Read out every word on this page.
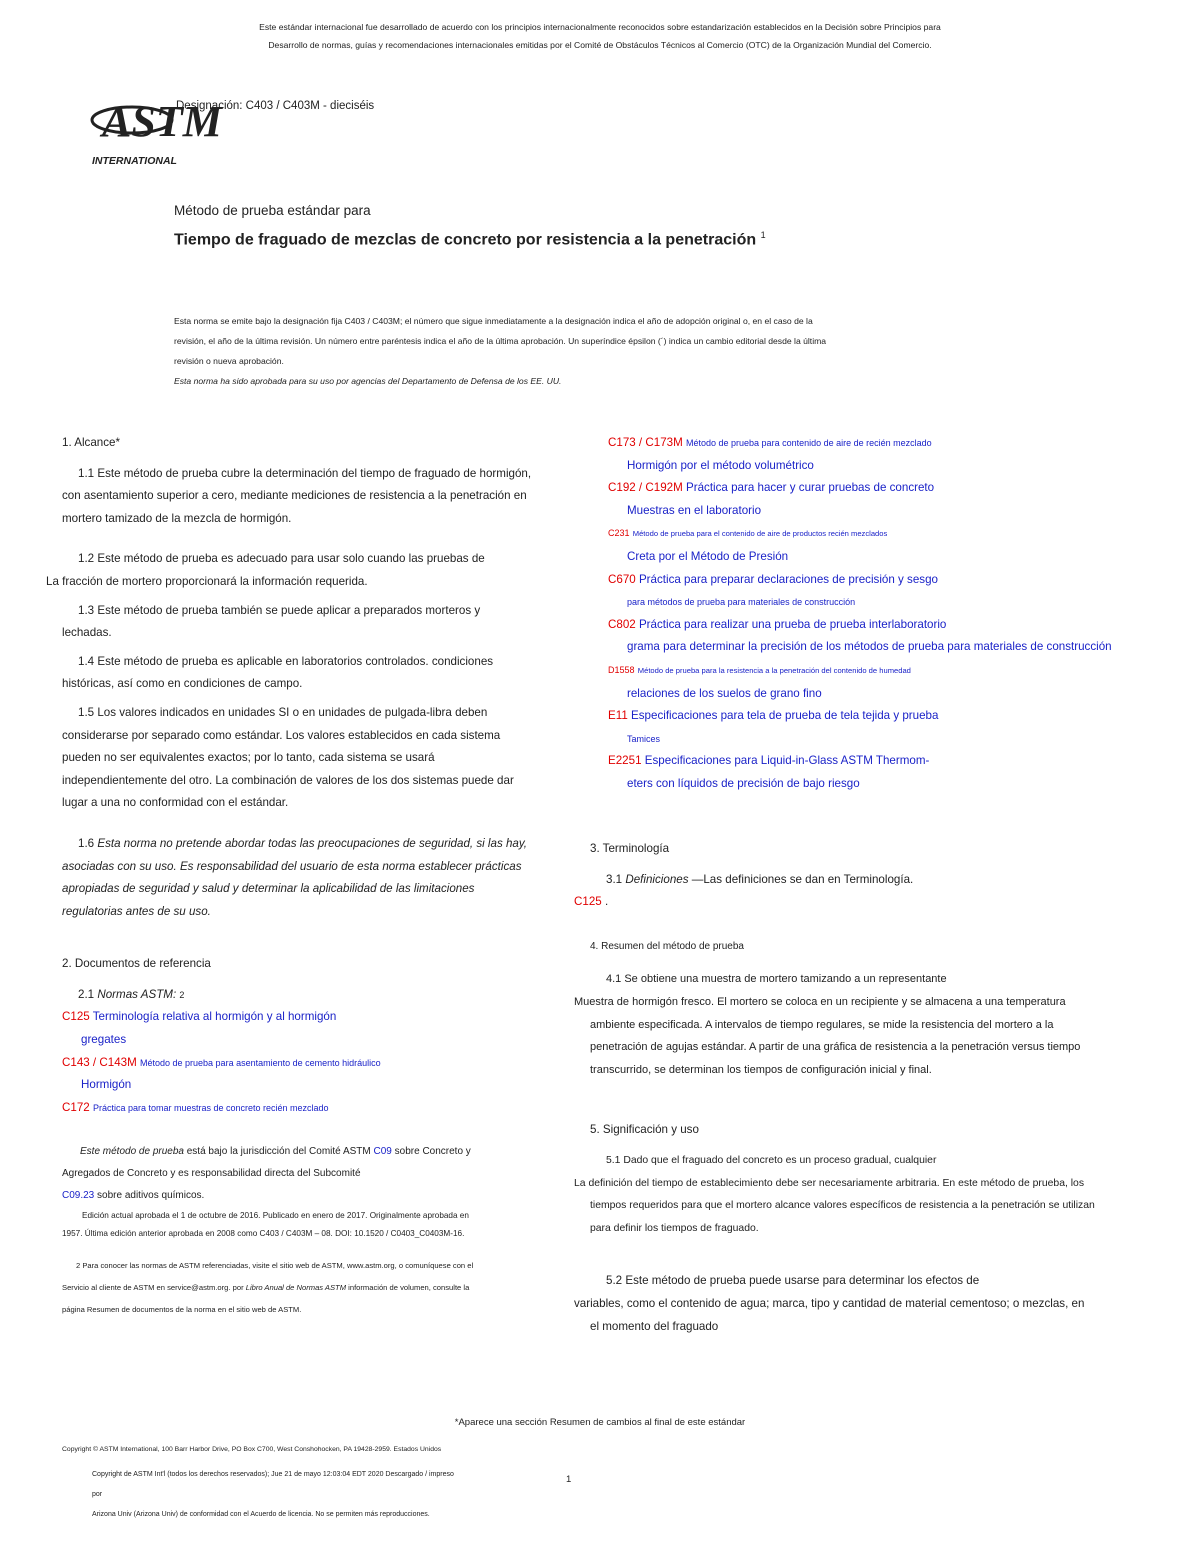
Este estándar internacional fue desarrollado de acuerdo con los principios internacionalmente reconocidos sobre estandarización establecidos en la Decisión sobre Principios para
Desarrollo de normas, guías y recomendaciones internacionales emitidas por el Comité de Obstáculos Técnicos al Comercio (OTC) de la Organización Mundial del Comercio.
ASTM
INTERNATIONAL
Designación: C403 / C403M - dieciséis
Método de prueba estándar para
Tiempo de fraguado de mezclas de concreto por resistencia a la penetración $^1$
Esta norma se emite bajo la designación fija C403 / C403M; el número que sigue inmediatamente a la designación indica el año de adopción original o, en el caso de la
revisión, el año de la última revisión. Un número entre paréntesis indica el año de la última aprobación. Un superíndice épsilon (´) indica un cambio editorial desde la última
revisión o nueva aprobación.
Esta norma ha sido aprobada para su uso por agencias del Departamento de Defensa de los EE. UU.
1. Alcance*

1.1 Este método de prueba cubre la determinación del tiempo de fraguado de hormigón, con asentamiento superior a cero, mediante mediciones de resistencia a la penetración en mortero tamizado de la mezcla de hormigón.

1.2 Este método de prueba es adecuado para usar solo cuando las pruebas de
La fracción de mortero proporcionará la información requerida.

1.3 Este método de prueba también se puede aplicar a preparados morteros y lechadas.

1.4 Este método de prueba es aplicable en laboratorios controlados. condiciones históricas, así como en condiciones de campo.

1.5 Los valores indicados en unidades SI o en unidades de pulgada-libra deben considerarse por separado como estándar. Los valores establecidos en cada sistema pueden no ser equivalentes exactos; por lo tanto, cada sistema se usará independientemente del otro. La combinación de valores de los dos sistemas puede dar lugar a una no conformidad con el estándar.

1.6 Esta norma no pretende abordar todas las preocupaciones de seguridad, si las hay, asociadas con su uso. Es responsabilidad del usuario de esta norma establecer prácticas apropiadas de seguridad y salud y determinar la aplicabilidad de las limitaciones regulatorias antes de su uso.

2. Documentos de referencia

2.1 Normas ASTM: 2

C125 Terminología relativa al hormigón y al hormigón
gregates

C143 / C143M Método de prueba para asentamiento de cemento hidráulico
Hormigón

C172 Práctica para tomar muestras de concreto recién mezclado

Este método de prueba está bajo la jurisdicción del Comité ASTM C09 sobre Concreto y
Agregados de Concreto y es responsabilidad directa del Subcomité
C09.23 sobre aditivos químicos.
Edición actual aprobada el 1 de octubre de 2016. Publicado en enero de 2017. Originalmente aprobada en
1957. Última edición anterior aprobada en 2008 como C403 / C403M – 08. DOI: 10.1520 / C0403_C0403M-16.
2 Para conocer las normas de ASTM referenciadas, visite el sitio web de ASTM, www.astm.org, o comuníquese con el
Servicio al cliente de ASTM en service@astm.org. por Libro Anual de Normas ASTM información de volumen, consulte la
página Resumen de documentos de la norma en el sitio web de ASTM.

C173 / C173M Método de prueba para contenido de aire de recién mezclado
Hormigón por el método volumétrico

C192 / C192M Práctica para hacer y curar pruebas de concreto
Muestras en el laboratorio

C231 Método de prueba para el contenido de aire de productos recién mezclados
Creta por el Método de Presión

C670 Práctica para preparar declaraciones de precisión y sesgo
para métodos de prueba para materiales de construcción

C802 Práctica para realizar una prueba de prueba interlaboratorio
grama para determinar la precisión de los métodos de prueba para materiales de construcción

D1558 Método de prueba para la resistencia a la penetración del contenido de humedad
relaciones de los suelos de grano fino

E11 Especificaciones para tela de prueba de tela tejida y prueba
Tamices

E2251 Especificaciones para Liquid-in-Glass ASTM Thermom-
eters con líquidos de precisión de bajo riesgo

3. Terminología

3.1 Definiciones —Las definiciones se dan en Terminología.
C125 .

4. Resumen del método de prueba

4.1 Se obtiene una muestra de mortero tamizando a un representante
Muestra de hormigón fresco. El mortero se coloca en un recipiente y se almacena a una temperatura ambiente especificada. A intervalos de tiempo regulares, se mide la resistencia del mortero a la penetración de agujas estándar. A partir de una gráfica de resistencia a la penetración versus tiempo transcurrido, se determinan los tiempos de configuración inicial y final.

5. Significación y uso

5.1 Dado que el fraguado del concreto es un proceso gradual, cualquier
La definición del tiempo de establecimiento debe ser necesariamente arbitraria. En este método de prueba, los tiempos requeridos para que el mortero alcance valores específicos de resistencia a la penetración se utilizan para definir los tiempos de fraguado.

5.2 Este método de prueba puede usarse para determinar los efectos de
variables, como el contenido de agua; marca, tipo y cantidad de material cementoso; o mezclas, en el momento del fraguado

*Aparece una sección Resumen de cambios al final de este estándar
Copyright © ASTM International, 100 Barr Harbor Drive, PO Box C700, West Conshohocken, PA 19428-2959. Estados Unidos
Copyright de ASTM Int'l (todos los derechos reservados); Jue 21 de mayo 12:03:04 EDT 2020 Descargado / impreso
por
Arizona Univ (Arizona Univ) de conformidad con el Acuerdo de licencia. No se permiten más reproducciones.
1
